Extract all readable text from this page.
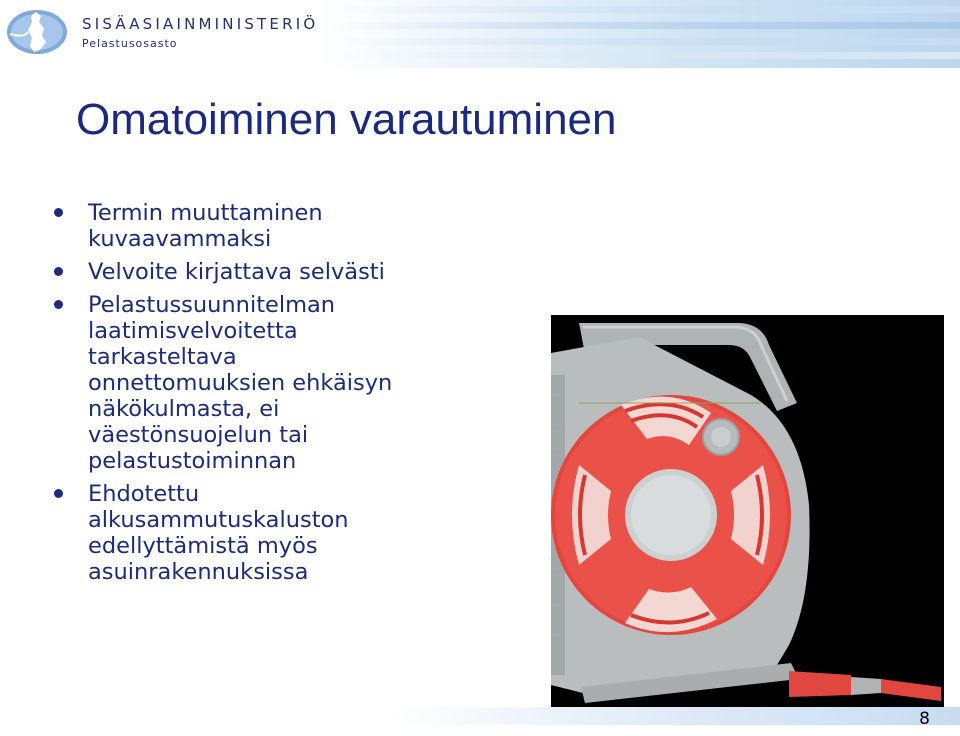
SISÄASIAINMINISTERIÖ
Pelastusosasto
Omatoiminen varautuminen
Termin muuttaminen
kuvaavammaksi
Velvoite kirjattava selvästi
Pelastussuunnitelman
laatimisvelvoitetta
tarkasteltava
onnettomuuksien ehkäisyn
näkökulmasta, ei
väestönsuojelun tai
pelastustoiminnan
Ehdotettu
alkusammutuskaluston
edellyttämistä myös
asuinrakennuksissa
8
